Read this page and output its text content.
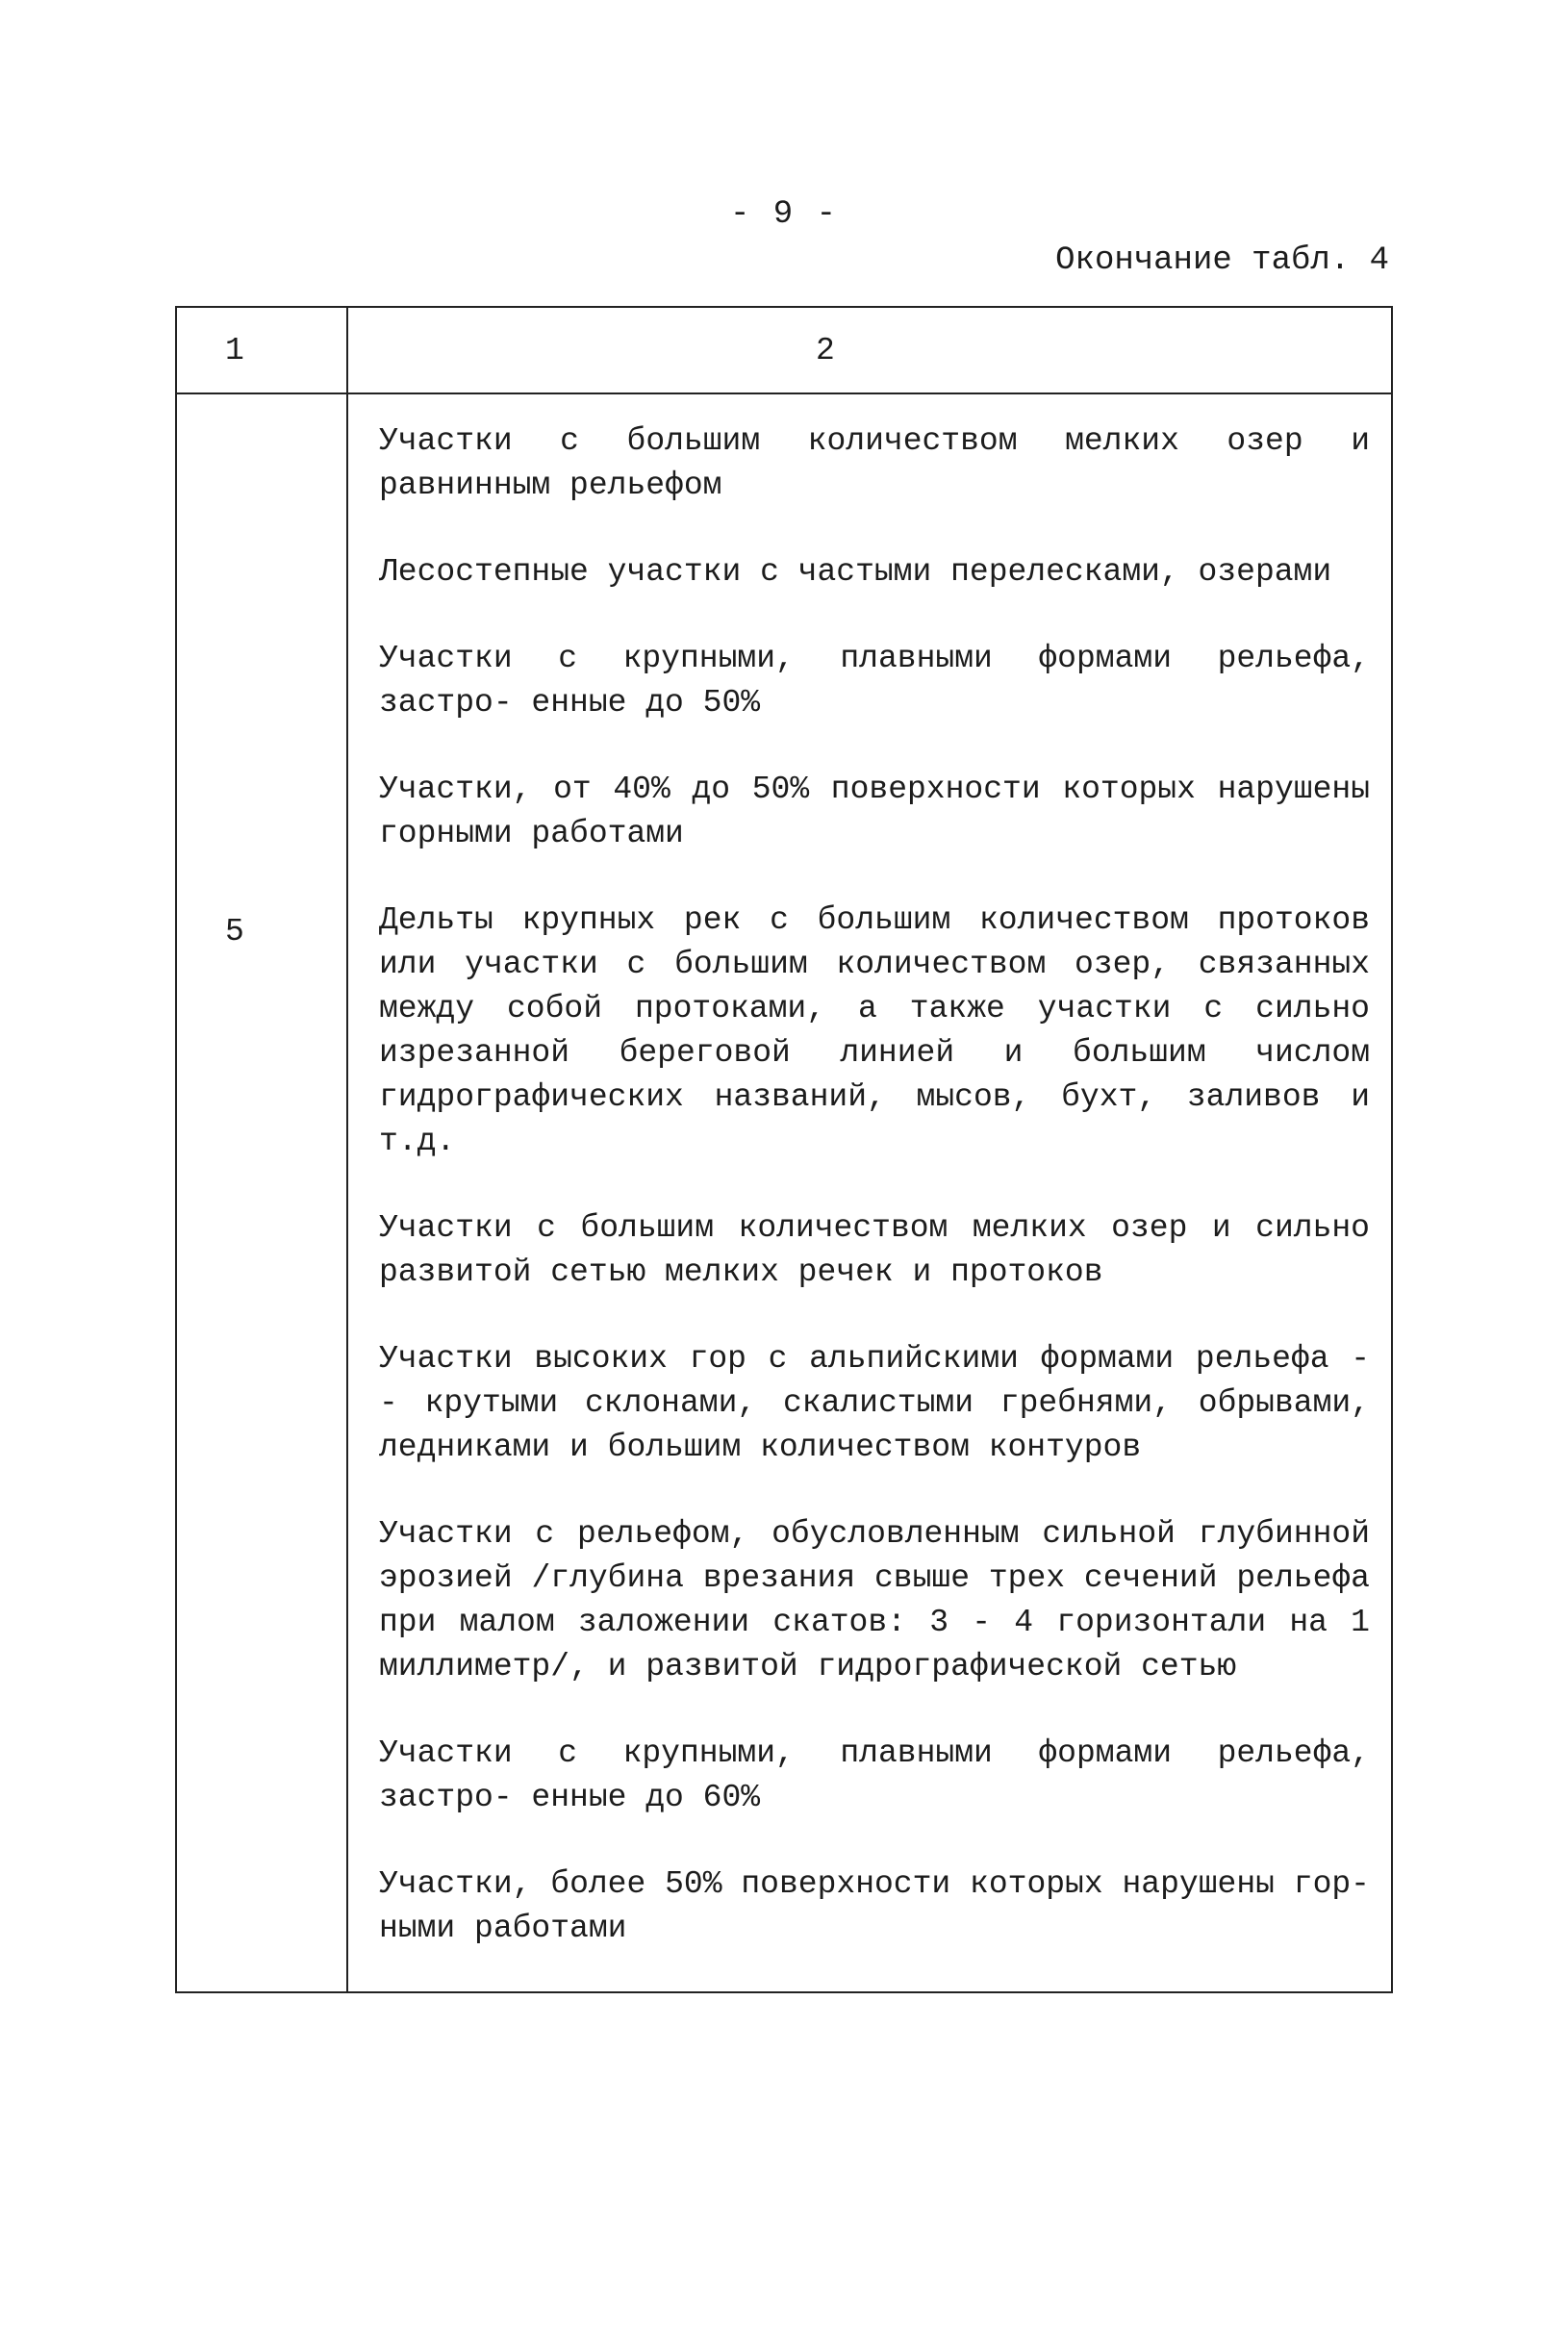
- 9 -
Окончание табл. 4
1	2
5

Участки с большим количеством мелких озер и равнинным рельефом

Лесостепные участки с частыми перелесками, озерами

Участки с крупными, плавными формами рельефа, застро- енные до 50%

Участки, от 40% до 50% поверхности которых нарушены горными работами

Дельты крупных рек с большим количеством протоков или участки с большим количеством озер, связанных между собой протоками, а также участки с сильно изрезанной береговой линией и большим числом гидрографических названий, мысов, бухт, заливов и т.д.

Участки с большим количеством мелких озер и сильно развитой сетью мелких речек и протоков

Участки высоких гор с альпийскими формами рельефа - - крутыми склонами, скалистыми гребнями, обрывами, ледниками и большим количеством контуров

Участки с рельефом, обусловленным сильной глубинной эрозией /глубина врезания свыше трех сечений рельефа при малом заложении скатов: 3 - 4 горизонтали на 1 миллиметр/, и развитой гидрографической сетью

Участки с крупными, плавными формами рельефа, застро- енные до 60%

Участки, более 50% поверхности которых нарушены гор- ными работами
